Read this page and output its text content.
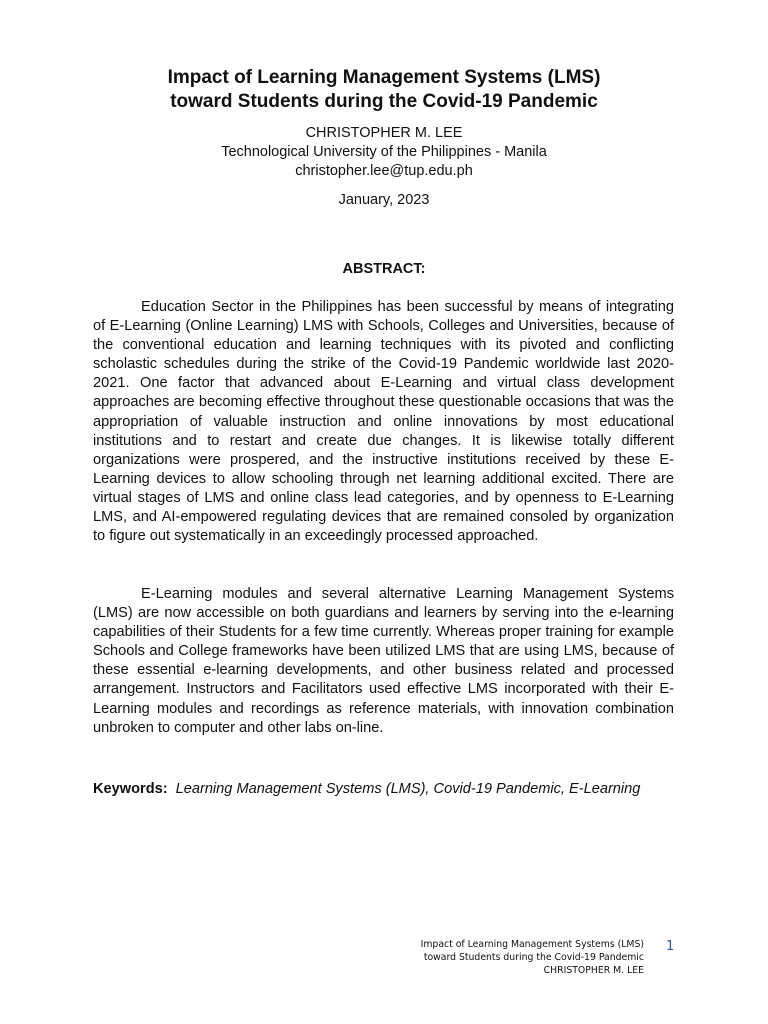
Impact of Learning Management Systems (LMS)
toward Students during the Covid-19 Pandemic
CHRISTOPHER M. LEE
Technological University of the Philippines - Manila
christopher.lee@tup.edu.ph
January, 2023
ABSTRACT:

Education Sector in the Philippines has been successful by means of integrating of E-Learning (Online Learning) LMS with Schools, Colleges and Universities, because of the conventional education and learning techniques with its pivoted and conflicting scholastic schedules during the strike of the Covid-19 Pandemic worldwide last 2020-2021. One factor that advanced about E-Learning and virtual class development approaches are becoming effective throughout these questionable occasions that was the appropriation of valuable instruction and online innovations by most educational institutions and to restart and create due changes. It is likewise totally different organizations were prospered, and the instructive institutions received by these E-Learning devices to allow schooling through net learning additional excited. There are virtual stages of LMS and online class lead categories, and by openness to E-Learning LMS, and AI-empowered regulating devices that are remained consoled by organization to figure out systematically in an exceedingly processed approached.

E-Learning modules and several alternative Learning Management Systems (LMS) are now accessible on both guardians and learners by serving into the e-learning capabilities of their Students for a few time currently. Whereas proper training for example Schools and College frameworks have been utilized LMS that are using LMS, because of these essential e-learning developments, and other business related and processed arrangement. Instructors and Facilitators used effective LMS incorporated with their E-Learning modules and recordings as reference materials, with innovation combination unbroken to computer and other labs on-line.

Keywords: Learning Management Systems (LMS), Covid-19 Pandemic, E-Learning
Impact of Learning Management Systems (LMS)
toward Students during the Covid-19 Pandemic
CHRISTOPHER M. LEE
1
